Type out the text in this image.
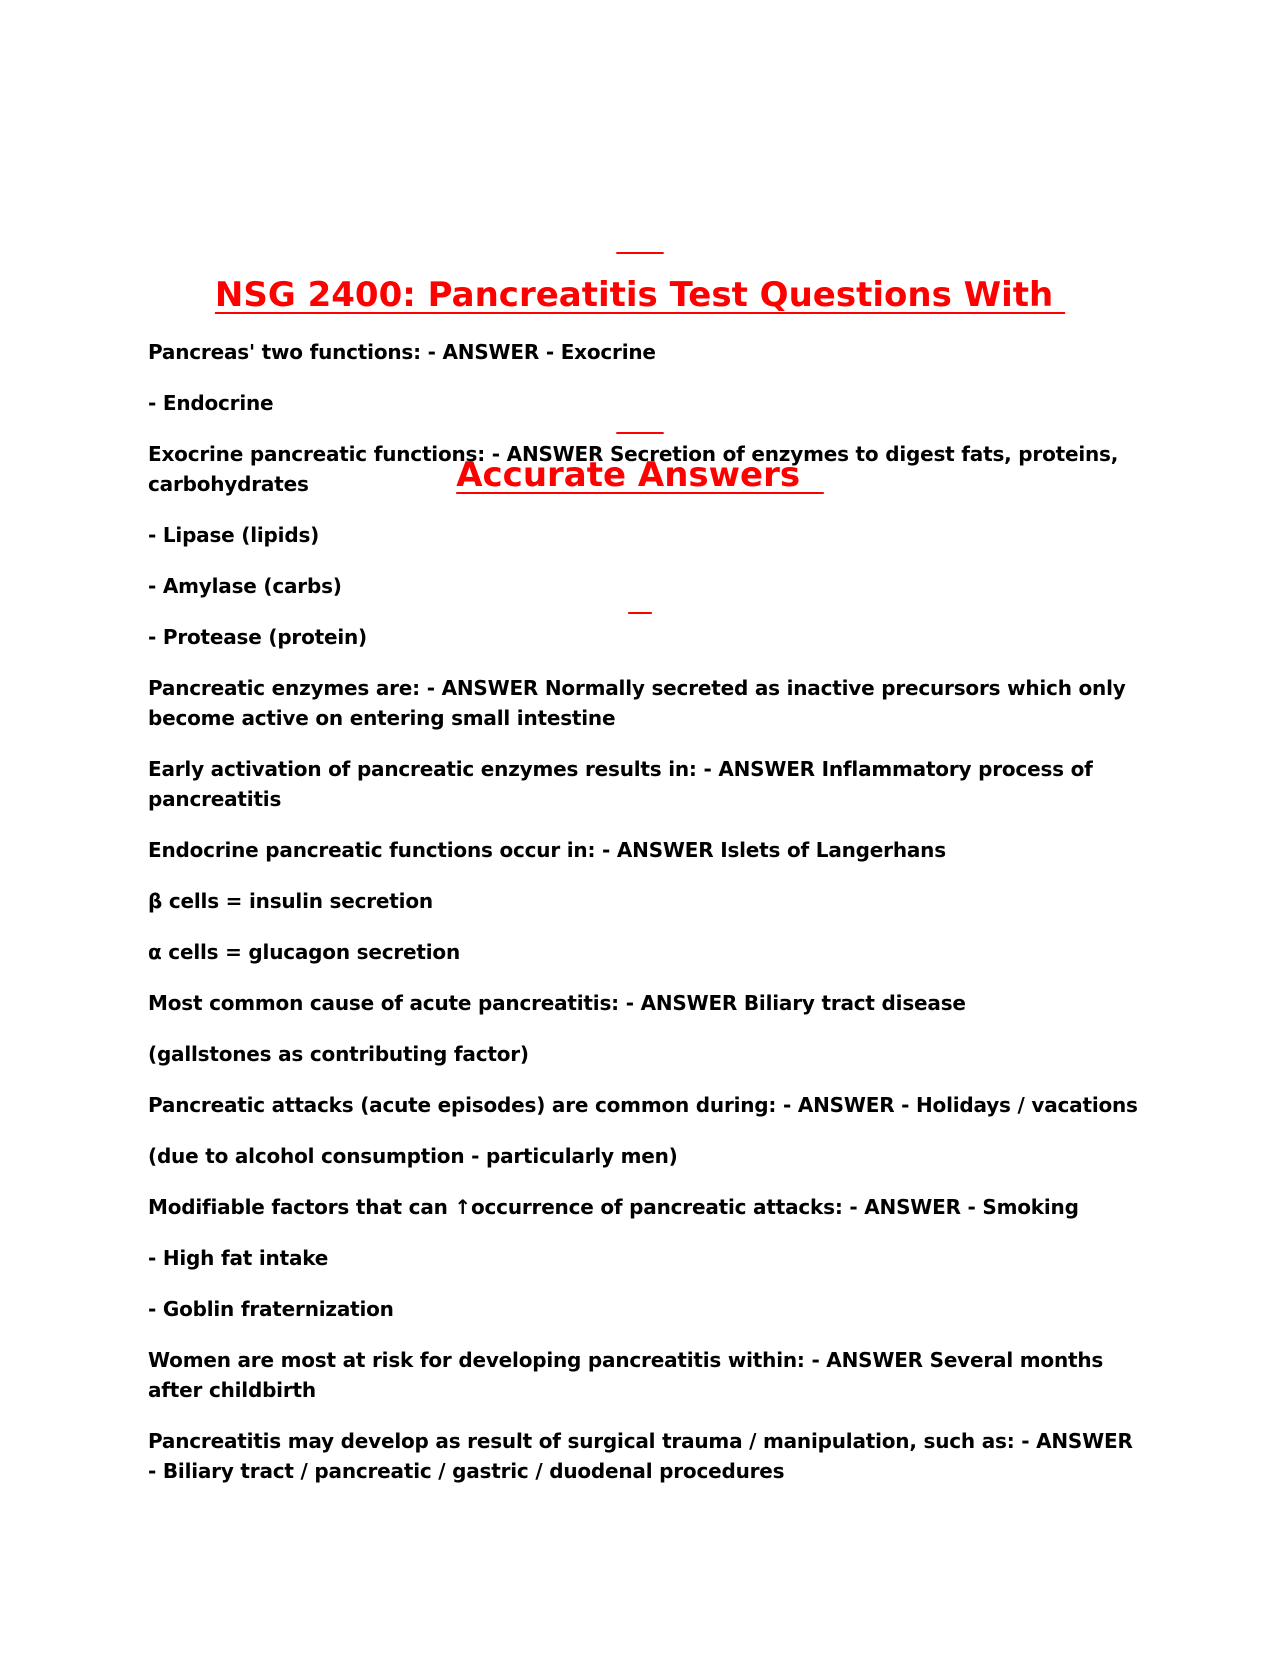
NSG 2400: Pancreatitis Test Questions With

Accurate Answers

Pancreas' two functions: - ANSWER - Exocrine

- Endocrine

Exocrine pancreatic functions: - ANSWER Secretion of enzymes to digest fats, proteins, carbohydrates

- Lipase (lipids)

- Amylase (carbs)

- Protease (protein)

Pancreatic enzymes are: - ANSWER Normally secreted as inactive precursors which only become active on entering small intestine

Early activation of pancreatic enzymes results in: - ANSWER Inflammatory process of pancreatitis

Endocrine pancreatic functions occur in: - ANSWER Islets of Langerhans

β cells = insulin secretion

α cells = glucagon secretion

Most common cause of acute pancreatitis: - ANSWER Biliary tract disease

(gallstones as contributing factor)

Pancreatic attacks (acute episodes) are common during: - ANSWER - Holidays / vacations

(due to alcohol consumption - particularly men)

Modifiable factors that can ↑occurrence of pancreatic attacks: - ANSWER - Smoking

- High fat intake

- Goblin fraternization

Women are most at risk for developing pancreatitis within: - ANSWER Several months after childbirth

Pancreatitis may develop as result of surgical trauma / manipulation, such as: - ANSWER - Biliary tract / pancreatic / gastric / duodenal procedures
